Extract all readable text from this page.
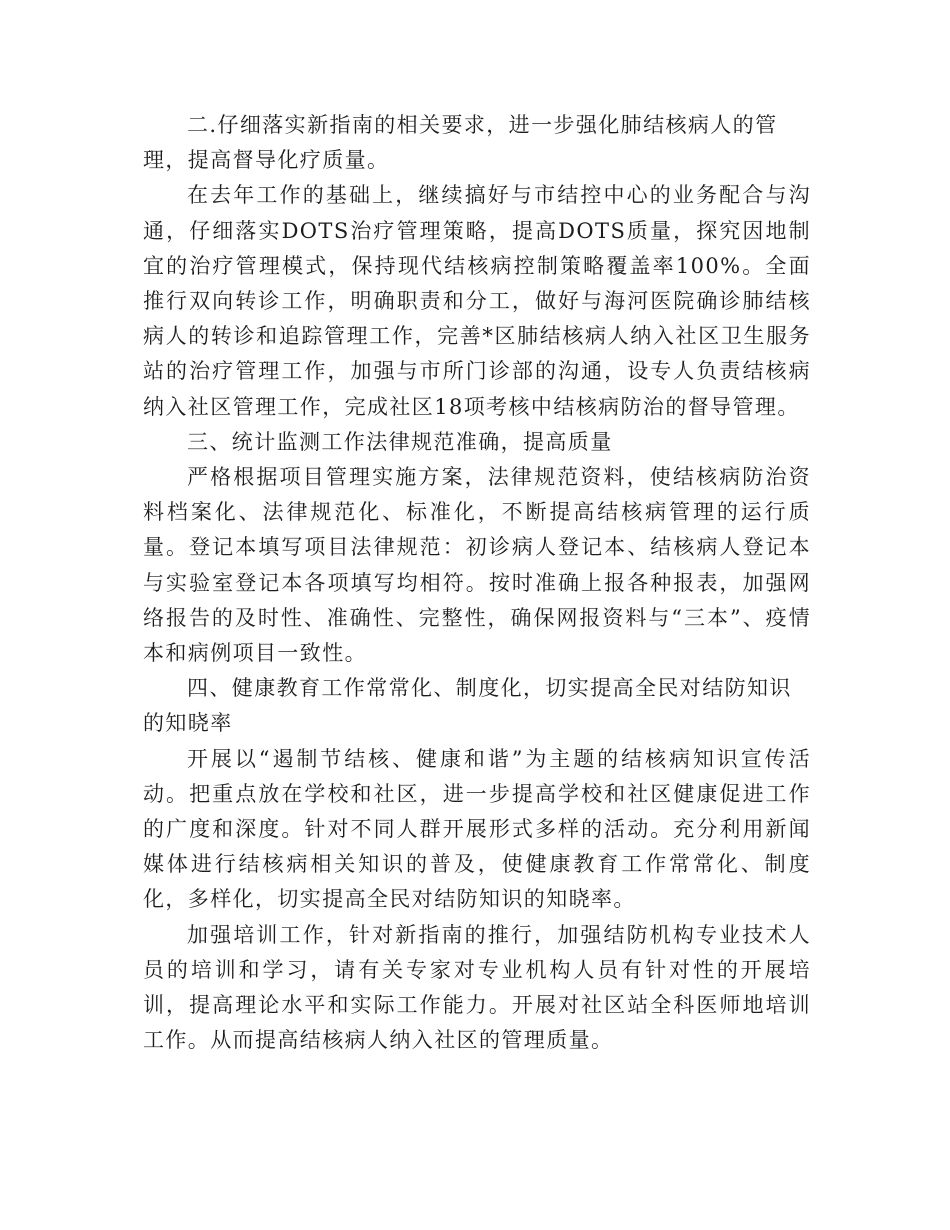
二.仔细落实新指南的相关要求，进一步强化肺结核病人的管理，提高督导化疗质量。

在去年工作的基础上，继续搞好与市结控中心的业务配合与沟通，仔细落实DOTS治疗管理策略，提高DOTS质量，探究因地制宜的治疗管理模式，保持现代结核病控制策略覆盖率100%。全面推行双向转诊工作，明确职责和分工，做好与海河医院确诊肺结核病人的转诊和追踪管理工作，完善*区肺结核病人纳入社区卫生服务站的治疗管理工作，加强与市所门诊部的沟通，设专人负责结核病纳入社区管理工作，完成社区18项考核中结核病防治的督导管理。

三、统计监测工作法律规范准确，提高质量

严格根据项目管理实施方案，法律规范资料，使结核病防治资料档案化、法律规范化、标准化，不断提高结核病管理的运行质量。登记本填写项目法律规范：初诊病人登记本、结核病人登记本与实验室登记本各项填写均相符。按时准确上报各种报表，加强网络报告的及时性、准确性、完整性，确保网报资料与“三本”、疫情本和病例项目一致性。

四、健康教育工作常常化、制度化，切实提高全民对结防知识的知晓率

开展以“遏制节结核、健康和谐”为主题的结核病知识宣传活动。把重点放在学校和社区，进一步提高学校和社区健康促进工作的广度和深度。针对不同人群开展形式多样的活动。充分利用新闻媒体进行结核病相关知识的普及，使健康教育工作常常化、制度化，多样化，切实提高全民对结防知识的知晓率。

加强培训工作，针对新指南的推行，加强结防机构专业技术人员的培训和学习，请有关专家对专业机构人员有针对性的开展培训，提高理论水平和实际工作能力。开展对社区站全科医师地培训工作。从而提高结核病人纳入社区的管理质量。
